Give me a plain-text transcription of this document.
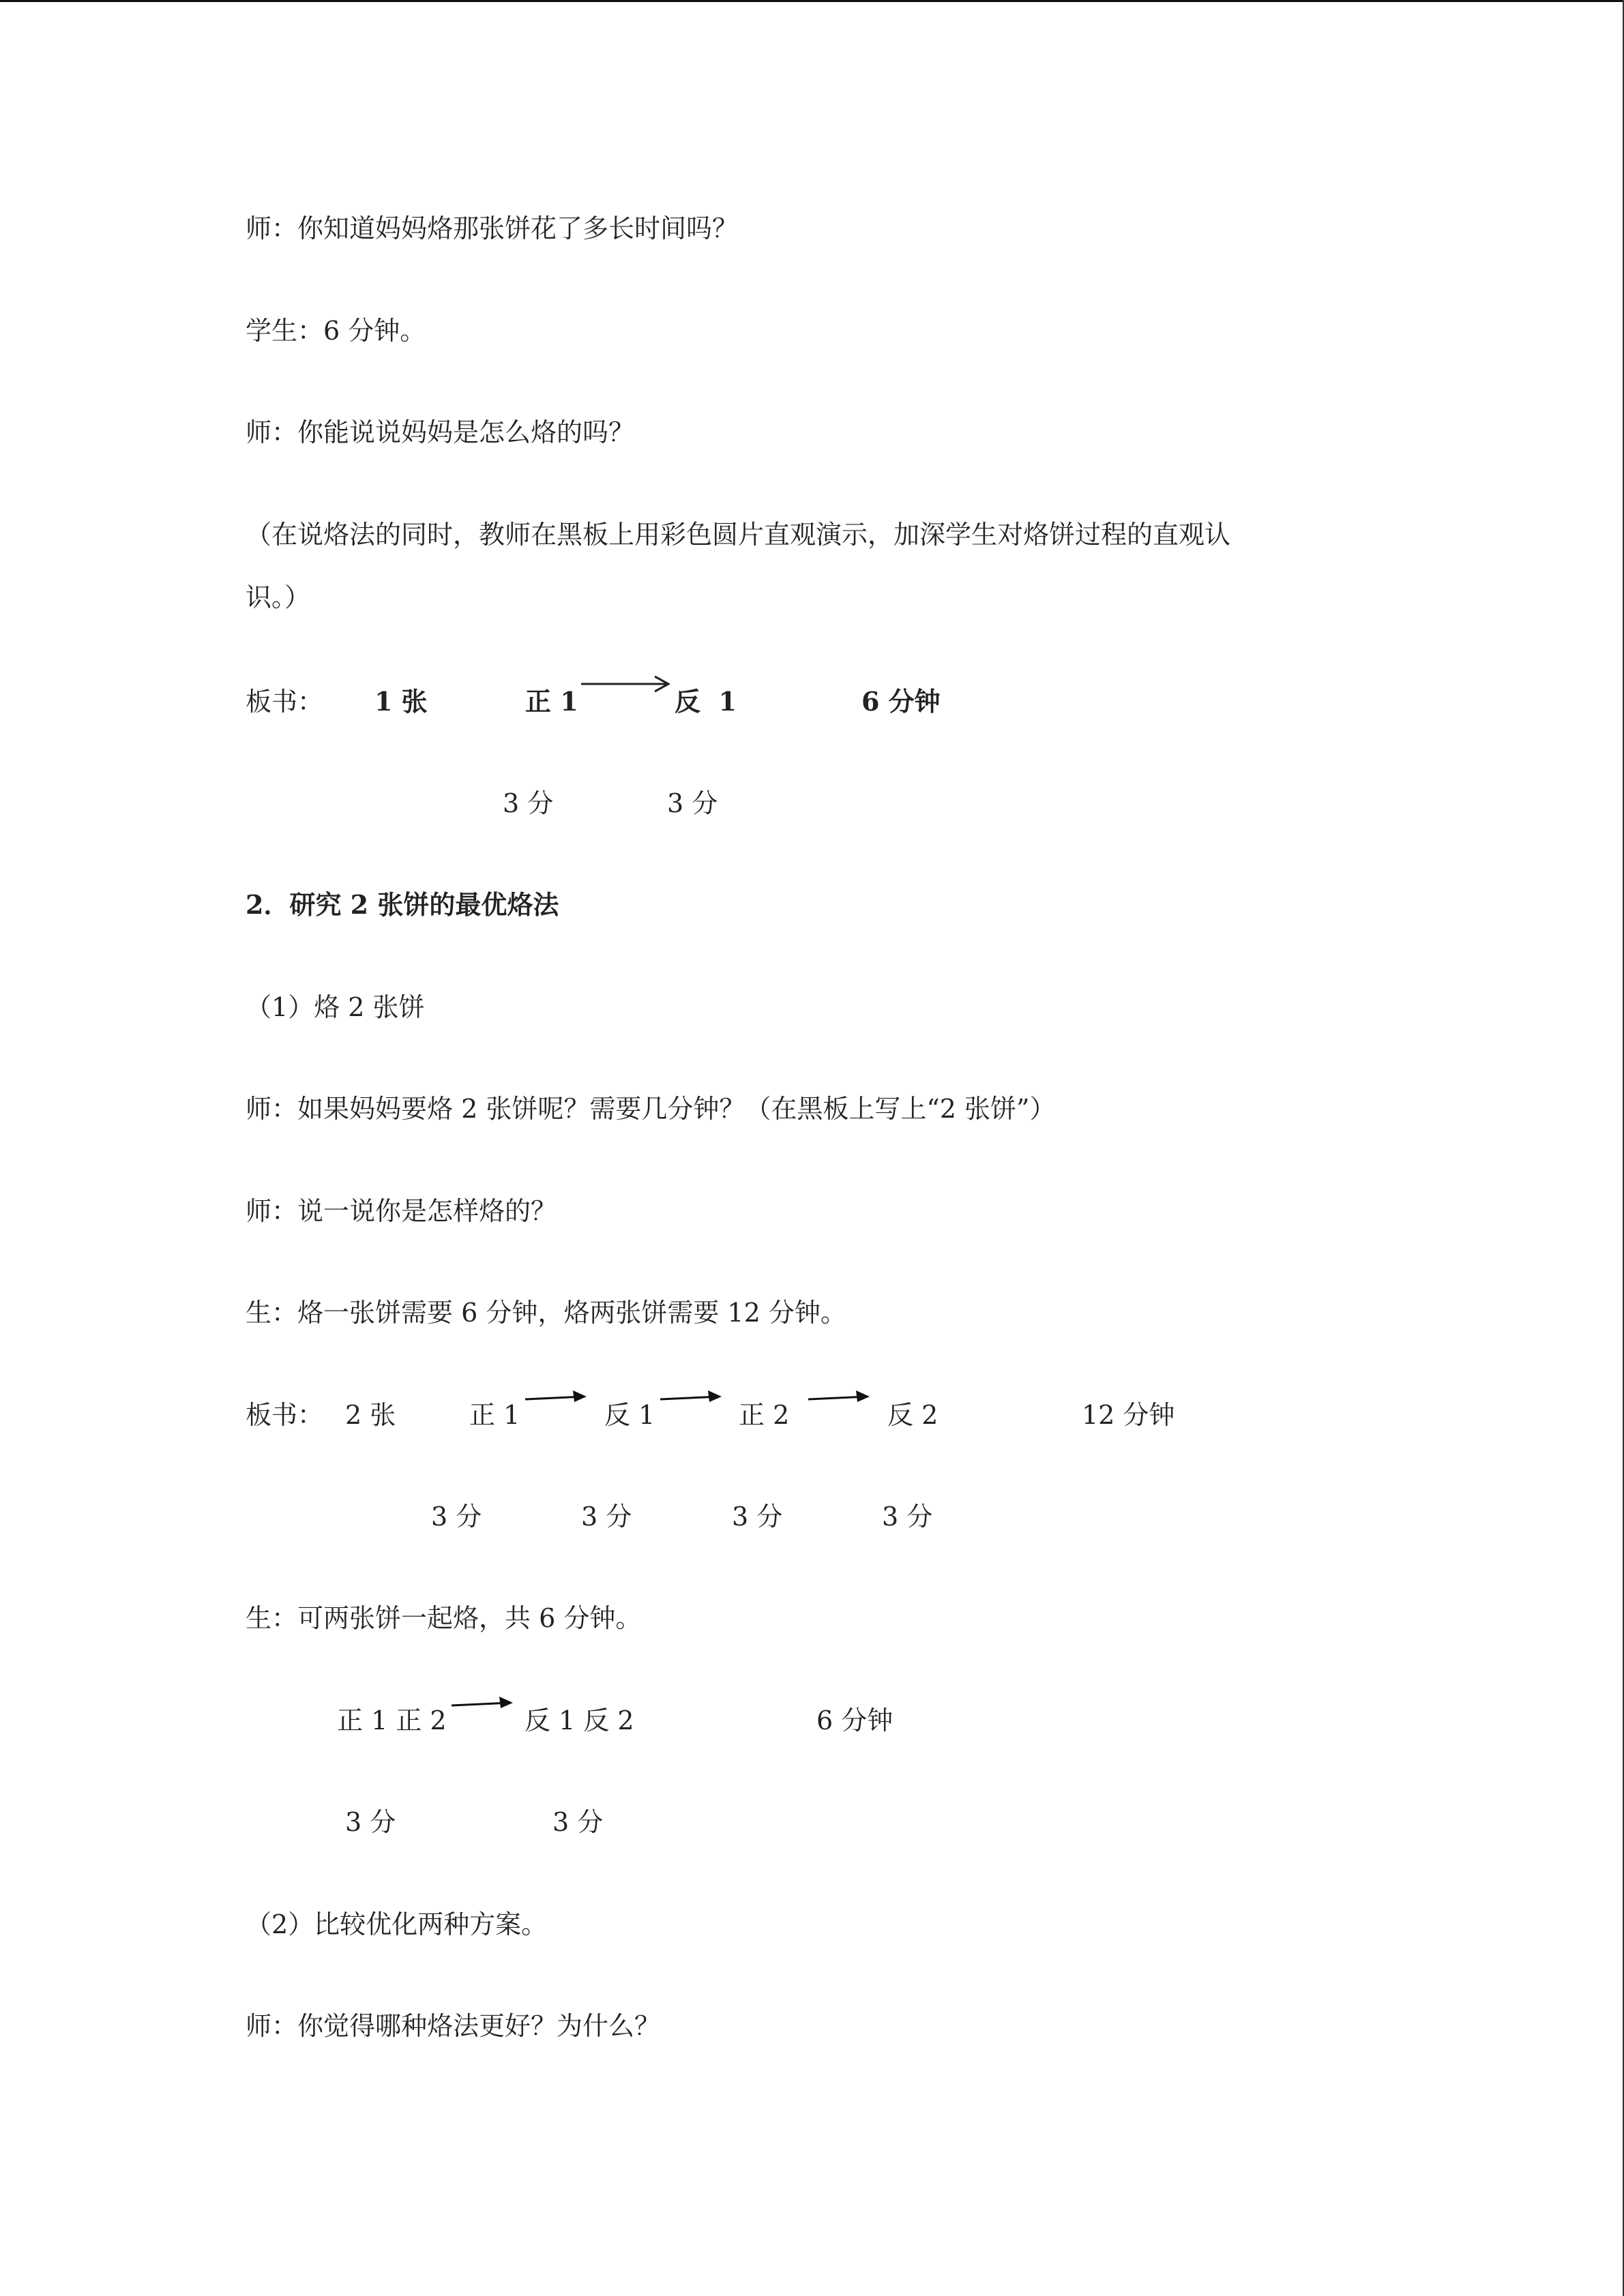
师：你知道妈妈烙那张饼花了多长时间吗？
学生：6 分钟。
师：你能说说妈妈是怎么烙的吗？
（在说烙法的同时，教师在黑板上用彩色圆片直观演示，加深学生对烙饼过程的直观认
识。）
板书： 1 张	正 1	反  1	6 分钟
3 分	3 分
2．研究 2 张饼的最优烙法
（1）烙 2 张饼
师：如果妈妈要烙 2 张饼呢？需要几分钟？（在黑板上写上“2 张饼”）
师：说一说你是怎样烙的？
生：烙一张饼需要 6 分钟，烙两张饼需要 12 分钟。
板书： 2 张	正 1	反 1	正 2	反 2	12 分钟
3 分	3 分	3 分	3 分
生：可两张饼一起烙，共 6 分钟。
正 1 正 2	反 1 反 2	6 分钟
3 分	3 分
（2）比较优化两种方案。
师：你觉得哪种烙法更好？为什么？
